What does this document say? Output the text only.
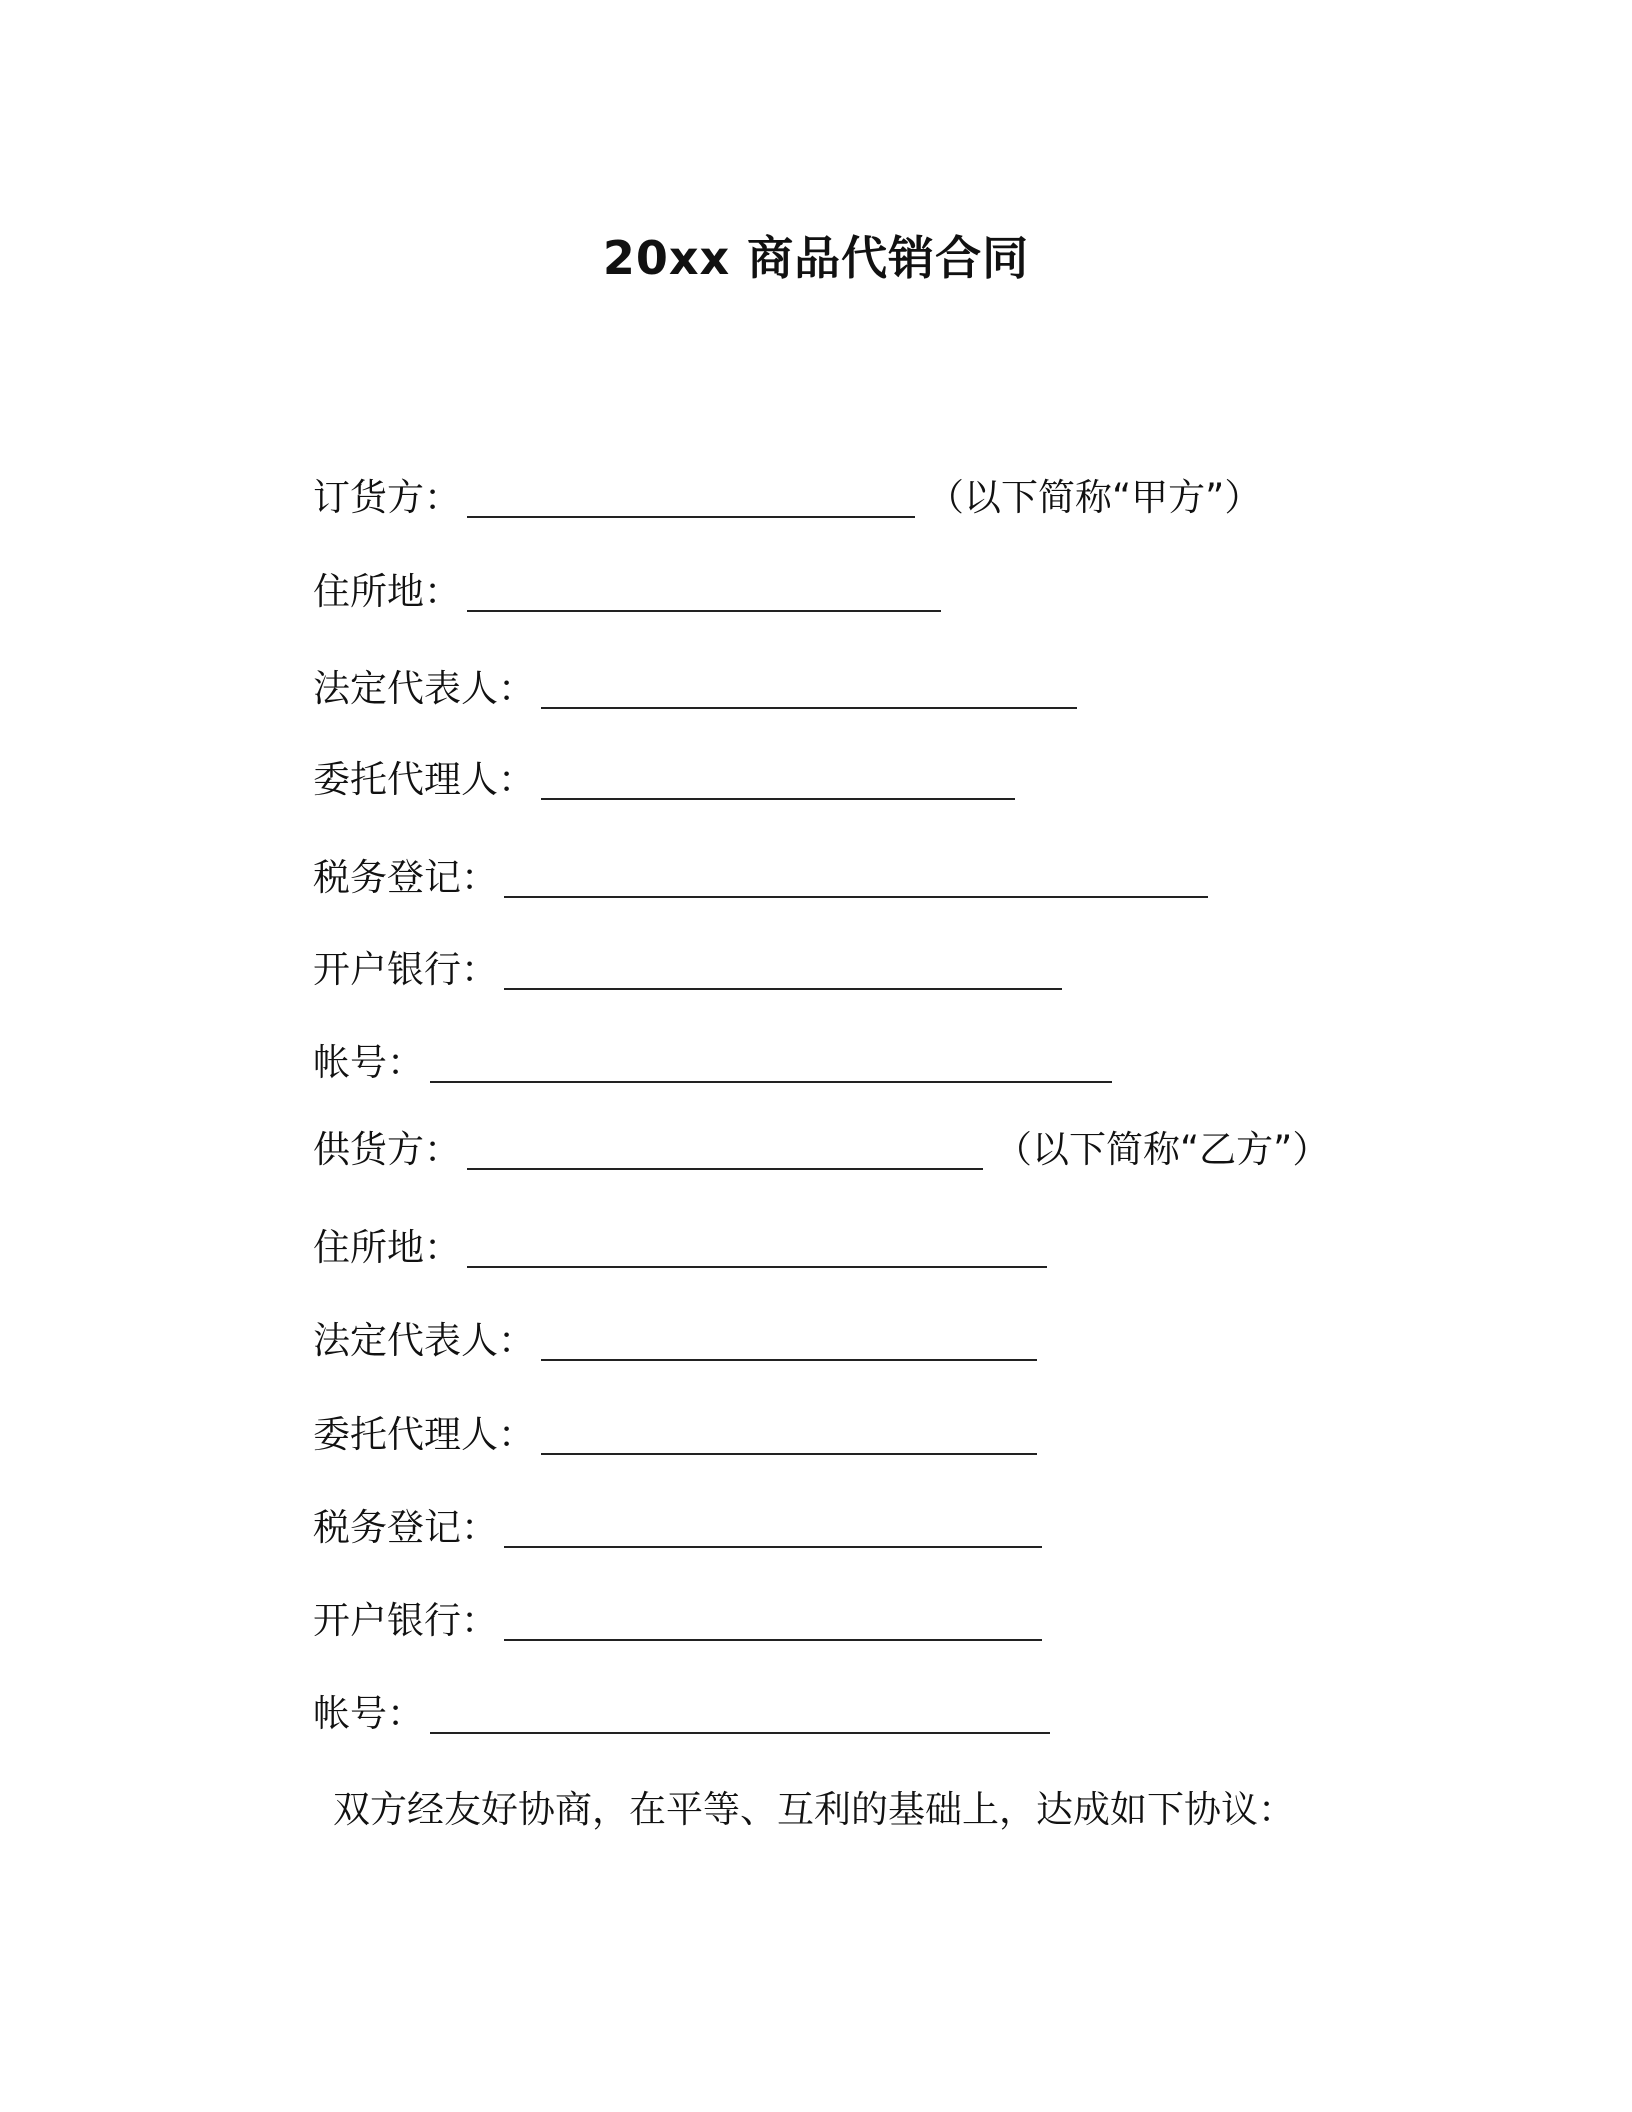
20xx 商品代销合同
订货方：	（以下简称“甲方”）
住所地：
法定代表人：
委托代理人：
税务登记：
开户银行：
帐号：
供货方：	（以下简称“乙方”）
住所地：
法定代表人：
委托代理人：
税务登记：
开户银行：
帐号：
双方经友好协商，在平等、互利的基础上，达成如下协议：
